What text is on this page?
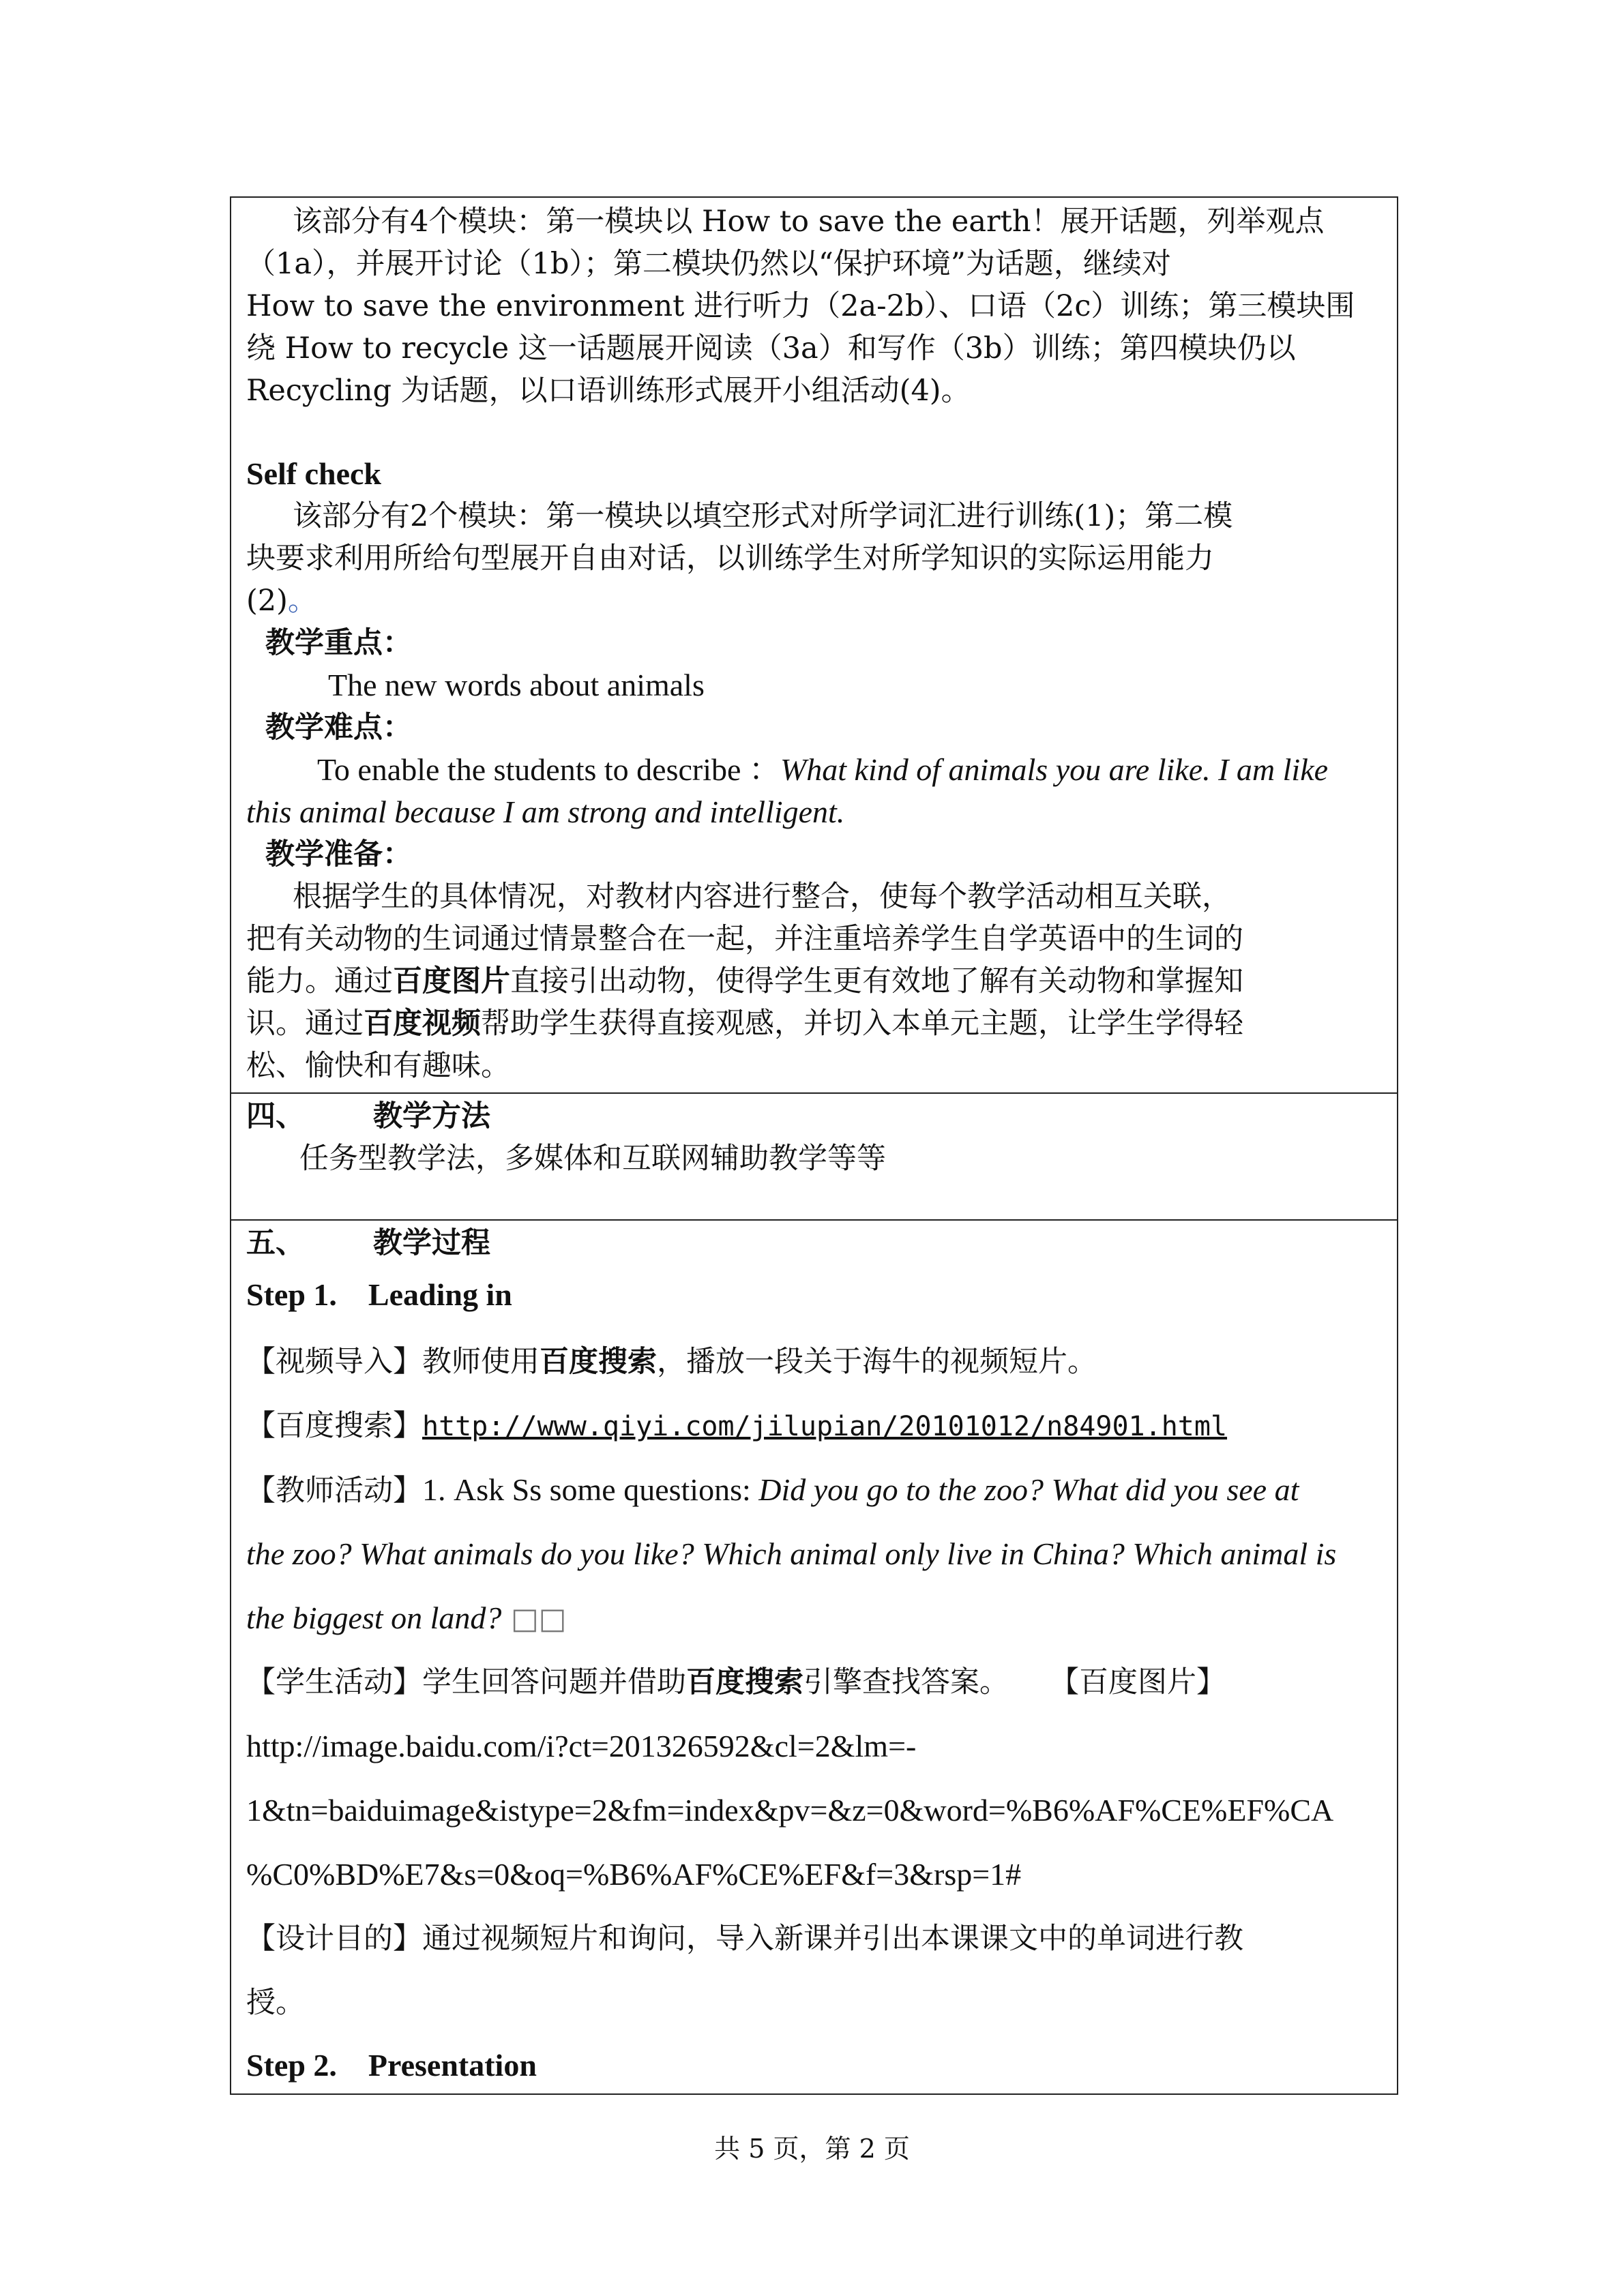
该部分有4个模块：第一模块以 How to save the earth！展开话题，列举观点
（1a），并展开讨论（1b）；第二模块仍然以“保护环境”为话题，继续对
How to save the environment 进行听力（2a-2b）、口语（2c）训练；第三模块围
绕 How to recycle 这一话题展开阅读（3a）和写作（3b）训练；第四模块仍以
Recycling 为话题，以口语训练形式展开小组活动(4)。
Self check
该部分有2个模块：第一模块以填空形式对所学词汇进行训练(1)；第二模
块要求利用所给句型展开自由对话，以训练学生对所学知识的实际运用能力
(2)。
教学重点：
The new words about animals
教学难点：
To enable the students to describe ：What kind of animals you are like. I am like
this animal because I am strong and intelligent.
教学准备：
根据学生的具体情况，对教材内容进行整合，使每个教学活动相互关联，
把有关动物的生词通过情景整合在一起，并注重培养学生自学英语中的生词的
能力。通过百度图片直接引出动物，使得学生更有效地了解有关动物和掌握知
识。通过百度视频帮助学生获得直接观感，并切入本单元主题，让学生学得轻
松、愉快和有趣味。
四、 教学方法
任务型教学法，多媒体和互联网辅助教学等等
五、 教学过程
Step 1.    Leading in
【视频导入】教师使用百度搜索，播放一段关于海牛的视频短片。
【百度搜索】http://www.qiyi.com/jilupian/20101012/n84901.html
【教师活动】1. Ask Ss some questions: Did you go to the zoo? What did you see at
the zoo? What animals do you like? Which animal only live in China? Which animal is
the biggest on land? □□
【学生活动】学生回答问题并借助百度搜索引擎查找答案。 【百度图片】
http://image.baidu.com/i?ct=201326592&cl=2&lm=-
1&tn=baiduimage&istype=2&fm=index&pv=&z=0&word=%B6%AF%CE%EF%CA
%C0%BD%E7&s=0&oq=%B6%AF%CE%EF&f=3&rsp=1#
【设计目的】通过视频短片和询问，导入新课并引出本课课文中的单词进行教
授。
Step 2.    Presentation
共 5 页，第 2 页
